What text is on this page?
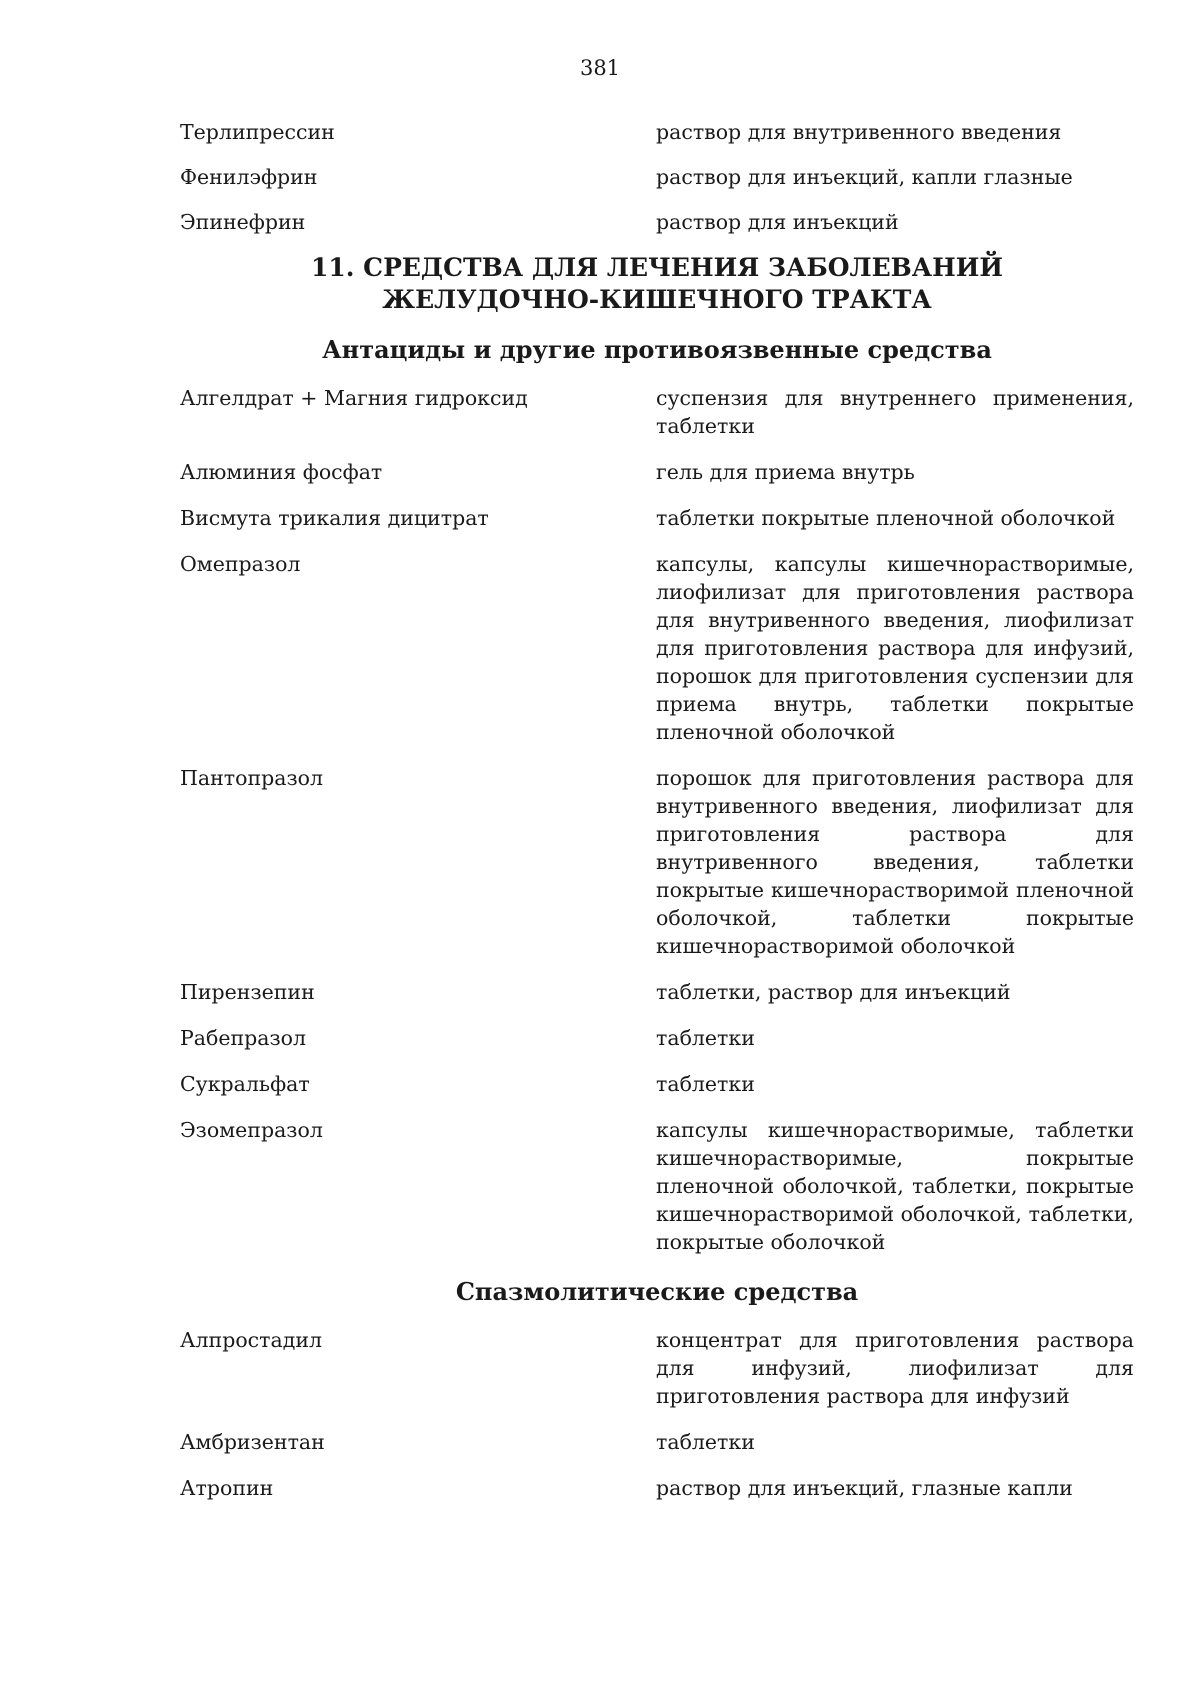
381
Терлипрессин	раствор для внутривенного введения
Фенилэфрин	раствор для инъекций, капли глазные
Эпинефрин	раствор для инъекций
11. СРЕДСТВА ДЛЯ ЛЕЧЕНИЯ ЗАБОЛЕВАНИЙ
ЖЕЛУДОЧНО-КИШЕЧНОГО ТРАКТА
Антациды и другие противоязвенные средства
Алгелдрат + Магния гидроксид	суспензия для внутреннего применения, таблетки
Алюминия фосфат	гель для приема внутрь
Висмута трикалия дицитрат	таблетки покрытые пленочной оболочкой
Омепразол	капсулы, капсулы кишечнорастворимые, лиофилизат для приготовления раствора для внутривенного введения, лиофилизат для приготовления раствора для инфузий, порошок для приготовления суспензии для приема внутрь, таблетки покрытые пленочной оболочкой
Пантопразол	порошок для приготовления раствора для внутривенного введения, лиофилизат для приготовления раствора для внутривенного введения, таблетки покрытые кишечнорастворимой пленочной оболочкой, таблетки покрытые кишечнорастворимой оболочкой
Пирензепин	таблетки, раствор для инъекций
Рабепразол	таблетки
Сукральфат	таблетки
Эзомепразол	капсулы кишечнорастворимые, таблетки кишечнорастворимые, покрытые пленочной оболочкой, таблетки, покрытые кишечнорастворимой оболочкой, таблетки, покрытые оболочкой
Спазмолитические средства
Алпростадил	концентрат для приготовления раствора для инфузий, лиофилизат для приготовления раствора для инфузий
Амбризентан	таблетки
Атропин	раствор для инъекций, глазные капли
